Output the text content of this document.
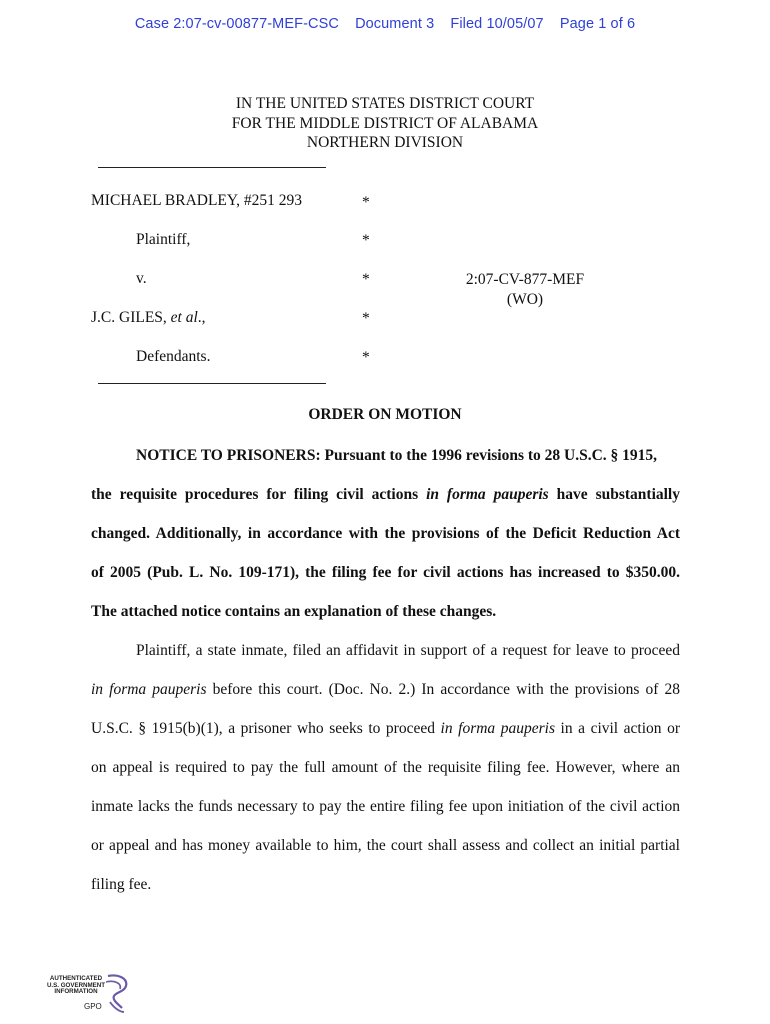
Case 2:07-cv-00877-MEF-CSC Document 3 Filed 10/05/07 Page 1 of 6
IN THE UNITED STATES DISTRICT COURT
FOR THE MIDDLE DISTRICT OF ALABAMA
NORTHERN DIVISION
MICHAEL BRADLEY, #251 293
Plaintiff,
v.
J.C. GILES, et al.,
Defendants.
*
*
*
*
*
2:07-CV-877-MEF
(WO)
ORDER ON MOTION
NOTICE TO PRISONERS: Pursuant to the 1996 revisions to 28 U.S.C. § 1915,
the requisite procedures for filing civil actions in forma pauperis have substantially
changed. Additionally, in accordance with the provisions of the Deficit Reduction Act
of 2005 (Pub. L. No. 109-171), the filing fee for civil actions has increased to $350.00.
The attached notice contains an explanation of these changes.
Plaintiff, a state inmate, filed an affidavit in support of a request for leave to proceed
in forma pauperis before this court. (Doc. No. 2.) In accordance with the provisions of 28
U.S.C. § 1915(b)(1), a prisoner who seeks to proceed in forma pauperis in a civil action or
on appeal is required to pay the full amount of the requisite filing fee. However, where an
inmate lacks the funds necessary to pay the entire filing fee upon initiation of the civil action
or appeal and has money available to him, the court shall assess and collect an initial partial
filing fee.
AUTHENTICATED
U.S. GOVERNMENT
INFORMATION
GPO
